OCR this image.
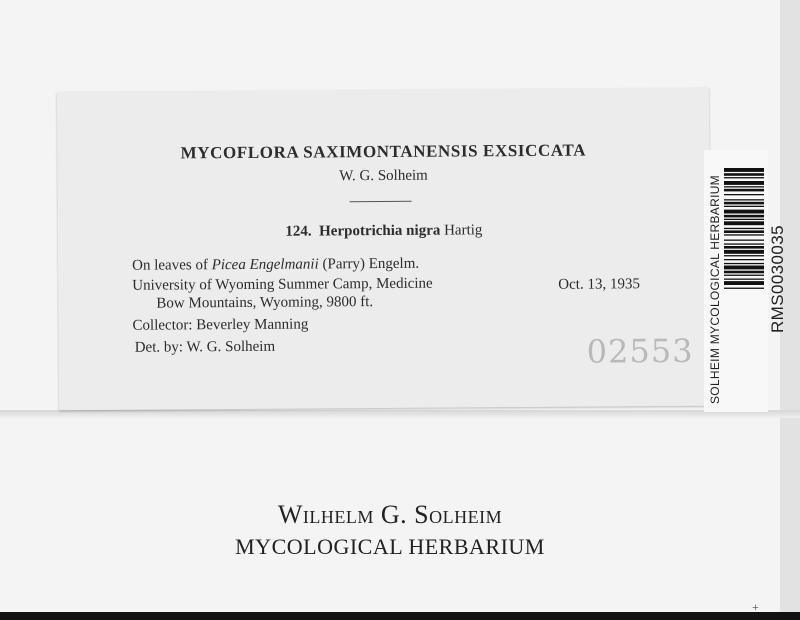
MYCOFLORA SAXIMONTANENSIS EXSICCATA
W. G. Solheim
124. Herpotrichia nigra Hartig
On leaves of Picea Engelmanii (Parry) Engelm.
University of Wyoming Summer Camp, Medicine
Bow Mountains, Wyoming, 9800 ft.
Oct. 13, 1935
Collector: Beverley Manning
Det. by: W. G. Solheim	02553 SOLHEIM MYCOLOGICAL HERBARIUM	RMS0030035
Wilhelm G. Solheim
MYCOLOGICAL HERBARIUM
+
